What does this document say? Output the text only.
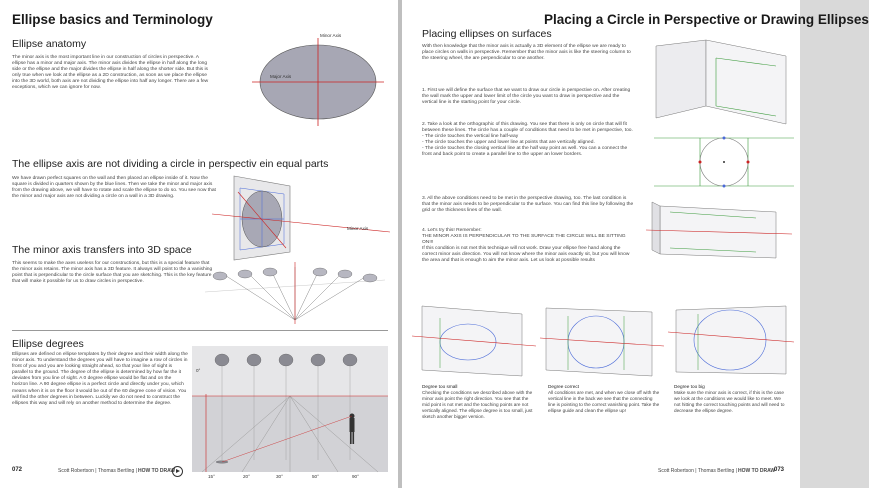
Ellipse basics and Terminology
Ellipse anatomy
The minor axis is the most important line in our construction of circles in perspective. A ellipse has a minor and major axis. The minor axis divides the ellipse in half along the long side or the ellipse and the major divides the ellipse in half along the shorter side. But this is only true when we look at the ellipse as a 2D construction, as soon as we place the ellipse into the 3D world, both axis are not dividing the ellipse into half any longer. There are a few exceptions, which we can ignore for now.
Minor Axis
Major Axis
The ellipse axis are not dividing a circle in perspectiv ein equal parts
We have drawn perfect squares on the wall and then placed an ellipse inside of it. Now the square is divided in quarters shown by the blue lines. Then we take the minor and major axis from the drawing above, we will have to rotate and scale the ellipse to do so. You see now that the minor and major axis are not dividing a circle on a wall in a 3D drawing.
Minor Axis
The minor axis transfers into 3D space
This seems to make the axes useless for our constructions, but this is a special feature that the minor axis retains. The minor axis has a 3D feature. It always will point to the a vanishing point that is perpendicular to the circle surface that you are sketching. This is the key feature that will make it possible for us to draw circles in perspective.
Ellipse degrees
Ellipses are defined on ellipse templates by their degree and their width along the minor axis. To understand the degrees you will have to imagine a row of circles in front of you and you are looking straight ahead, so that your line of sight is parallel to the ground. The degree of the ellipse is determined by how far the it deviates from you line of sight. A 0 degree ellipse would be flat and on the horizon line. A 90 degree ellipse is a perfect circle and directly under you, which means when it is on the floor it would be out of the 60 degree cone of vision. You will find the other degrees in between. Luckily we do not need to construct the ellipses this way and will rely on another method to determine the degree.
0°
15°	20°	30°	50°	90°
072	Scott Robertson | Thomas Bertling | HOW TO DRAW
Placing a Circle in Perspective or Drawing Ellipses
Placing ellipses on surfaces
With then knowledge that the minor axis is actually a 3D element of the ellipse we are ready to place circles on walls in perspective. Remember that the minor axis is like the steering column to the steering wheel, the are perpendicular to one another.
1. First we will define the surface that we want to draw our circle in perspective on. After creating the wall mark the upper and lower limit of the circle you want to draw in perspective and the vertical line is the starting point for your circle.
2. Take a look at the orthographic of this drawing. You see that there is only on circle that will fit between these lines. The circle has a couple of conditions that need to be met in perspective, too.
- The circle touches the vertical line half-way
- The circle touches the upper and lower line at points that are vertically aligned.
- The circle touches the closing vertical line at the half way point as well. You can a connect the front and back point to create a parallel line to the upper an lower borders.
3. All the above conditions need to be met in the perspective drawing, too. The last condition is that the minor axis needs to be perpendicular to the surface. You can find this line by following the grid or the thickness lines of the wall.
4. Let's try this! Remember:
THE MINOR AXIS IS PERPENDICULAR TO THE SURFACE THE CIRCLE WILL BE SITTING ON!!!
If this condition is not met this technique will not work. Draw your ellipse free hand along the correct minor axis direction. You will not know where the minor axis exactly sit, but you will know the area and that is enough to aim the minor axis. Let us look at possible results
Degree too small
Checking the conditions we described above with the minor axis point the right direction. You see that the mid point is not met and the touching points are not vertically aligned. The ellipse degree is too small, just sketch another bigger version.
Degree correct
All conditions are met, and when we close off with the vertical line in the back we see that the connecting line is pointing to the correct vanishing point. Take the ellipse guide and clean the ellipse up!
Degree too big
Make sure the minor axis is correct, if this is the case we look at the conditions we would like to meet. We not hitting the correct touching points and will need to decrease the ellipse degree.
Scott Robertson | Thomas Bertling | HOW TO DRAW
073
